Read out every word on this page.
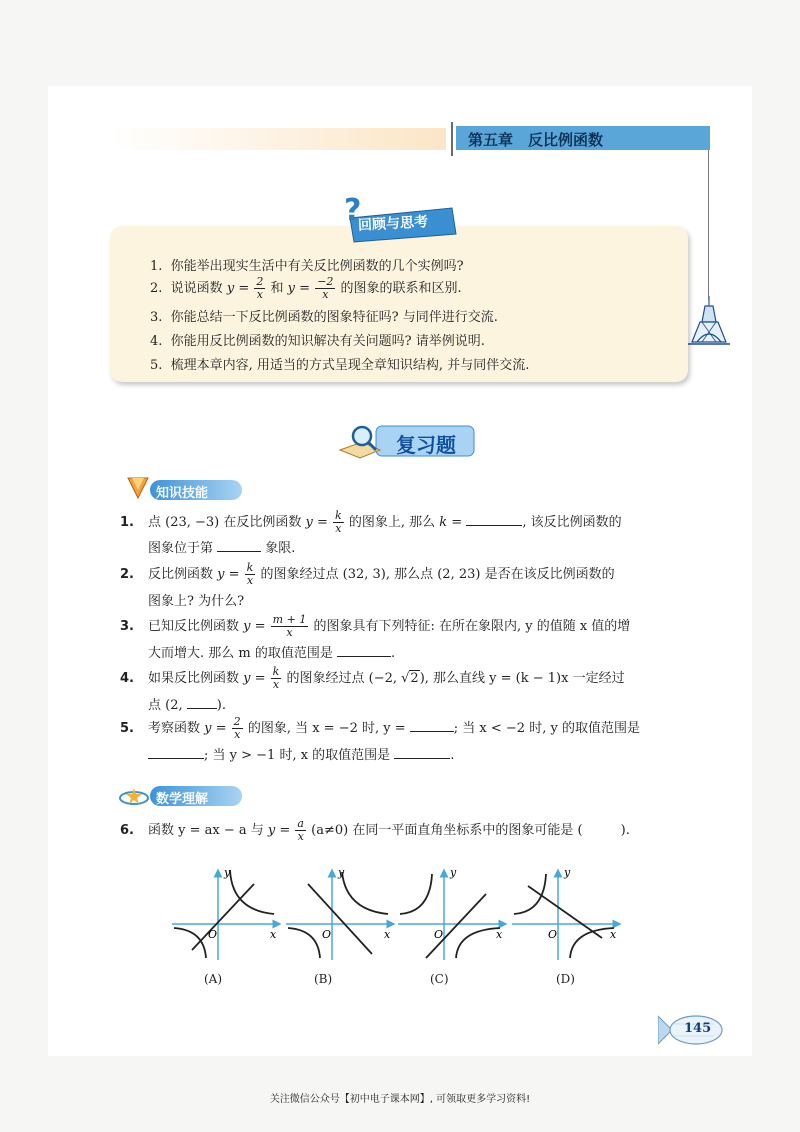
第五章　反比例函数
?
回顾与思考
1. 你能举出现实生活中有关反比例函数的几个实例吗?
2. 说说函数 $y = \frac{2}{x}$ 和 $y = \frac{-2}{x}$ 的图象的联系和区别.
3. 你能总结一下反比例函数的图象特征吗? 与同伴进行交流.
4. 你能用反比例函数的知识解决有关问题吗? 请举例说明.
5. 梳理本章内容, 用适当的方式呈现全章知识结构, 并与同伴交流.
复习题
知识技能
1. 点 (23, −3) 在反比例函数 $y = \frac{k}{x}$ 的图象上, 那么 k =	, 该反比例函数的
图象位于第	象限.
2. 反比例函数 $y = \frac{k}{x}$ 的图象经过点 (32, 3), 那么点 (2, 23) 是否在该反比例函数的
图象上? 为什么?
3. 已知反比例函数 $y = \frac{m + 1}{x}$ 的图象具有下列特征: 在所在象限内, y 的值随 x 值的增
大而增大. 那么 m 的取值范围是	.
4. 如果反比例函数 $y = \frac{k}{x}$ 的图象经过点 (−2, √2), 那么直线 y = (k − 1)x 一定经过
点 (2,	).
5. 考察函数 $y = \frac{2}{x}$ 的图象, 当 x = −2 时, y =	; 当 x < −2 时, y 的取值范围是
; 当 y > −1 时, x 的取值范围是	.
数学理解
6. 函数 y = ax − a 与 $y = \frac{a}{x} (a\ne 0)$ 在同一平面直角坐标系中的图象可能是 (	).
O	x
y
O	x
y
O	x
y
O	x
y
(A)	(B)	(C)	(D)
145
关注微信公众号【初中电子课本网】, 可领取更多学习资料!
